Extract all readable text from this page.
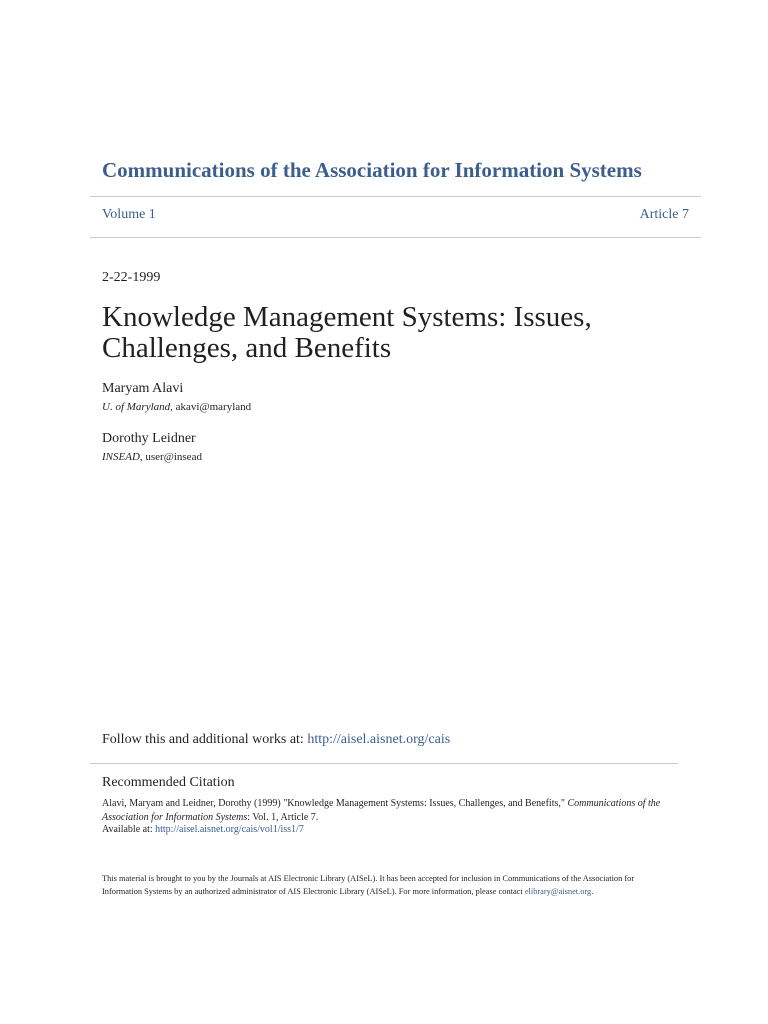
Communications of the Association for Information Systems
Volume 1	Article 7
2-22-1999
Knowledge Management Systems: Issues,
Challenges, and Benefits
Maryam Alavi
U. of Maryland, akavi@maryland
Dorothy Leidner
INSEAD, user@insead
Follow this and additional works at: http://aisel.aisnet.org/cais
Recommended Citation
Alavi, Maryam and Leidner, Dorothy (1999) "Knowledge Management Systems: Issues, Challenges, and Benefits," Communications of the Association for Information Systems: Vol. 1, Article 7.
Available at: http://aisel.aisnet.org/cais/vol1/iss1/7
This material is brought to you by the Journals at AIS Electronic Library (AISeL). It has been accepted for inclusion in Communications of the Association for Information Systems by an authorized administrator of AIS Electronic Library (AISeL). For more information, please contact elibrary@aisnet.org.
